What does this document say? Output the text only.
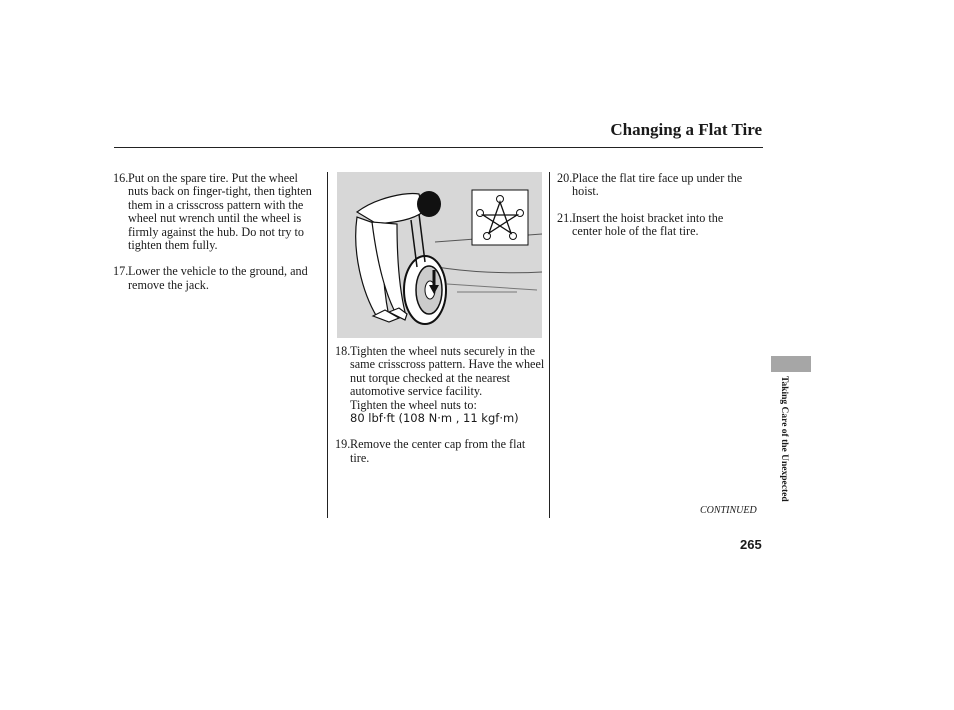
Changing a Flat Tire
16. Put on the spare tire. Put the wheel nuts back on finger-tight, then tighten them in a crisscross pattern with the wheel nut wrench until the wheel is firmly against the hub. Do not try to tighten them fully.
17. Lower the vehicle to the ground, and remove the jack.
18. Tighten the wheel nuts securely in the same crisscross pattern. Have the wheel nut torque checked at the nearest automotive service facility.
Tighten the wheel nuts to:
80 lbf·ft (108 N·m , 11 kgf·m)
19. Remove the center cap from the flat tire.
20. Place the flat tire face up under the hoist.
21. Insert the hoist bracket into the center hole of the flat tire.
CONTINUED
265
Taking Care of the Unexpected
